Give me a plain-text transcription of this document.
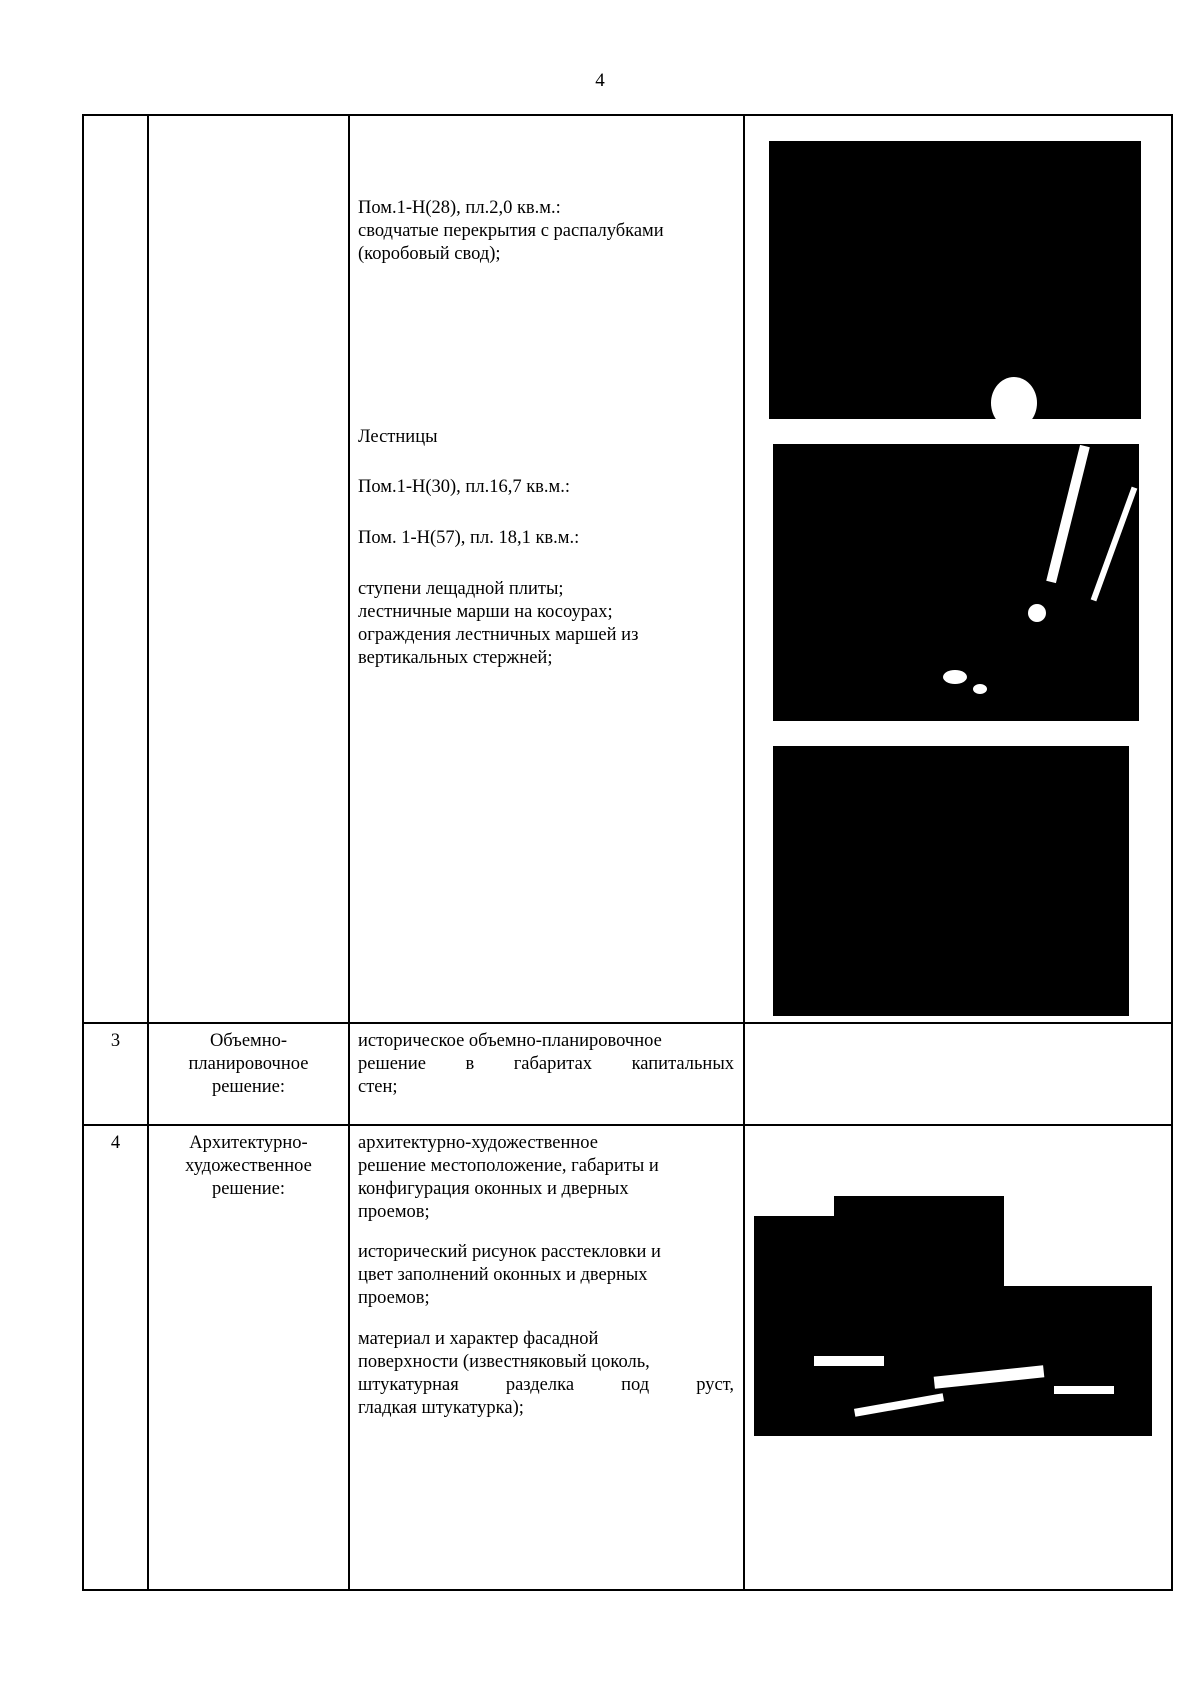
4

Пом.1-Н(28), пл.2,0 кв.м.:

сводчатые перекрытия с распалубками

(коробовый свод);

Лестницы

Пом.1-Н(30), пл.16,7 кв.м.:

Пом. 1-Н(57), пл. 18,1 кв.м.:

ступени лещадной плиты;

лестничные марши на косоурах;

ограждения лестничных маршей из

вертикальных стержней;

3	Объемно-

планировочное

решение:

историческое объемно-планировочное

решение в габаритах капитальных

стен;

4	Архитектурно-

художественное

решение:

архитектурно-художественное

решение местоположение, габариты и

конфигурация оконных и дверных

проемов;

исторический рисунок расстекловки и

цвет заполнений оконных и дверных

проемов;

материал и характер фасадной

поверхности (известняковый цоколь,

штукатурная разделка под руст,

гладкая штукатурка);
